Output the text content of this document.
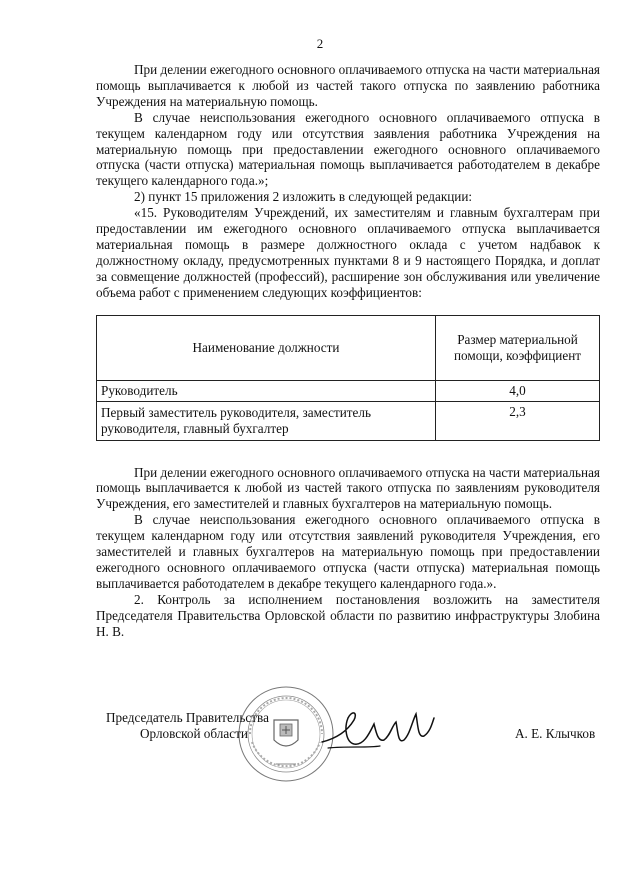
2

При делении ежегодного основного оплачиваемого отпуска на части материальная помощь выплачивается к любой из частей такого отпуска по заявлению работника Учреждения на материальную помощь.

В случае неиспользования ежегодного основного оплачиваемого отпуска в текущем календарном году или отсутствия заявления работника Учреждения на материальную помощь при предоставлении ежегодного основного оплачиваемого отпуска (части отпуска) материальная помощь выплачивается работодателем в декабре текущего календарного года.»;

2) пункт 15 приложения 2 изложить в следующей редакции:

«15. Руководителям Учреждений, их заместителям и главным бухгалтерам при предоставлении им ежегодного основного оплачиваемого отпуска выплачивается материальная помощь в размере должностного оклада с учетом надбавок к должностному окладу, предусмотренных пунктами 8 и 9 настоящего Порядка, и доплат за совмещение должностей (профессий), расширение зон обслуживания или увеличение объема работ с применением следующих коэффициентов:

Наименование должности	Размер материальной помощи, коэффициент
Руководитель	4,0
Первый заместитель руководителя, заместитель руководителя, главный бухгалтер	2,3

При делении ежегодного основного оплачиваемого отпуска на части материальная помощь выплачивается к любой из частей такого отпуска по заявлениям руководителя Учреждения, его заместителей и главных бухгалтеров на материальную помощь.

В случае неиспользования ежегодного основного оплачиваемого отпуска в текущем календарном году или отсутствия заявлений руководителя Учреждения, его заместителей и главных бухгалтеров на материальную помощь при предоставлении ежегодного основного оплачиваемого отпуска (части отпуска) материальная помощь выплачивается работодателем в декабре текущего календарного года.».

2. Контроль за исполнением постановления возложить на заместителя Председателя Правительства Орловской области по развитию инфраструктуры Злобина Н. В.

Председатель Правительства
Орловской области	А. Е. Клычков
